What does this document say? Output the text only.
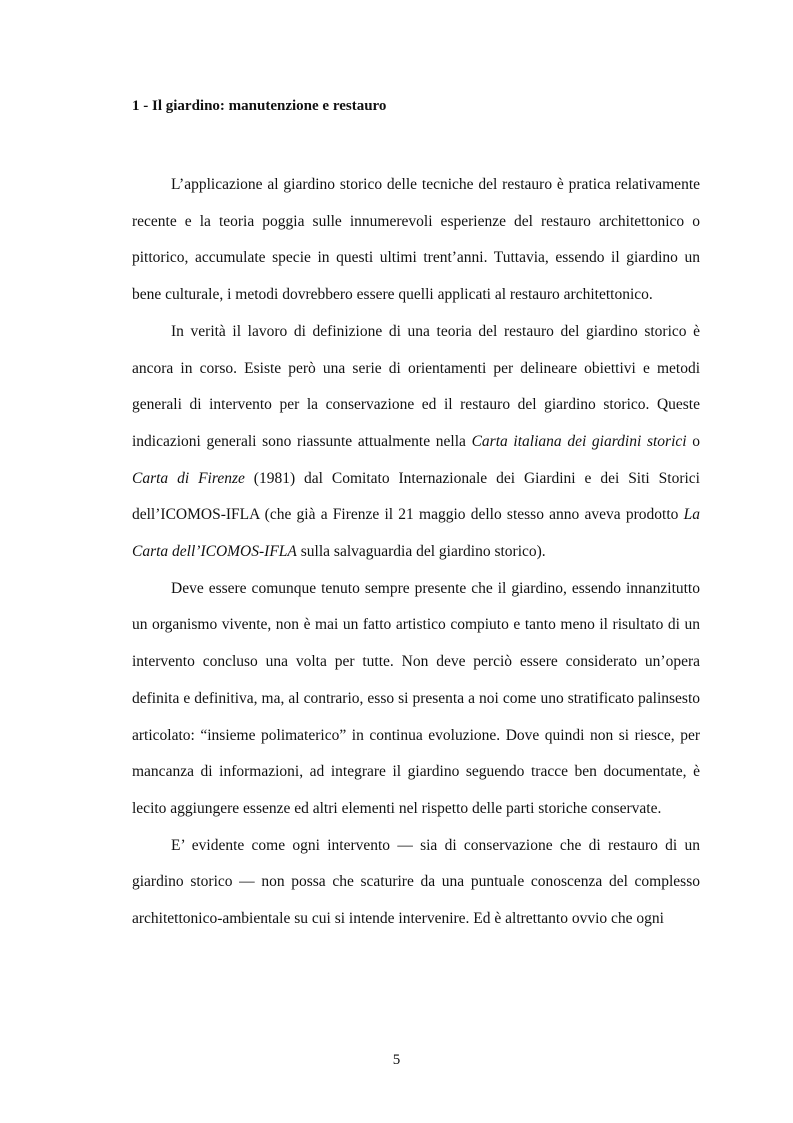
1 - Il giardino: manutenzione e restauro

L’applicazione al giardino storico delle tecniche del restauro è pratica relativamente recente e la teoria poggia sulle innumerevoli esperienze del restauro architettonico o pittorico, accumulate specie in questi ultimi trent’anni. Tuttavia, essendo il giardino un bene culturale, i metodi dovrebbero essere quelli applicati al restauro architettonico.

In verità il lavoro di definizione di una teoria del restauro del giardino storico è ancora in corso. Esiste però una serie di orientamenti per delineare obiettivi e metodi generali di intervento per la conservazione ed il restauro del giardino storico. Queste indicazioni generali sono riassunte attualmente nella Carta italiana dei giardini storici o Carta di Firenze (1981) dal Comitato Internazionale dei Giardini e dei Siti Storici dell’ICOMOS-IFLA (che già a Firenze il 21 maggio dello stesso anno aveva prodotto La Carta dell’ICOMOS-IFLA sulla salvaguardia del giardino storico).

Deve essere comunque tenuto sempre presente che il giardino, essendo innanzitutto un organismo vivente, non è mai un fatto artistico compiuto e tanto meno il risultato di un intervento concluso una volta per tutte. Non deve perciò essere considerato un’opera definita e definitiva, ma, al contrario, esso si presenta a noi come uno stratificato palinsesto articolato: “insieme polimaterico” in continua evoluzione. Dove quindi non si riesce, per mancanza di informazioni, ad integrare il giardino seguendo tracce ben documentate, è lecito aggiungere essenze ed altri elementi nel rispetto delle parti storiche conservate.

E’ evidente come ogni intervento — sia di conservazione che di restauro di un giardino storico — non possa che scaturire da una puntuale conoscenza del complesso architettonico-ambientale su cui si intende intervenire. Ed è altrettanto ovvio che ogni

5
